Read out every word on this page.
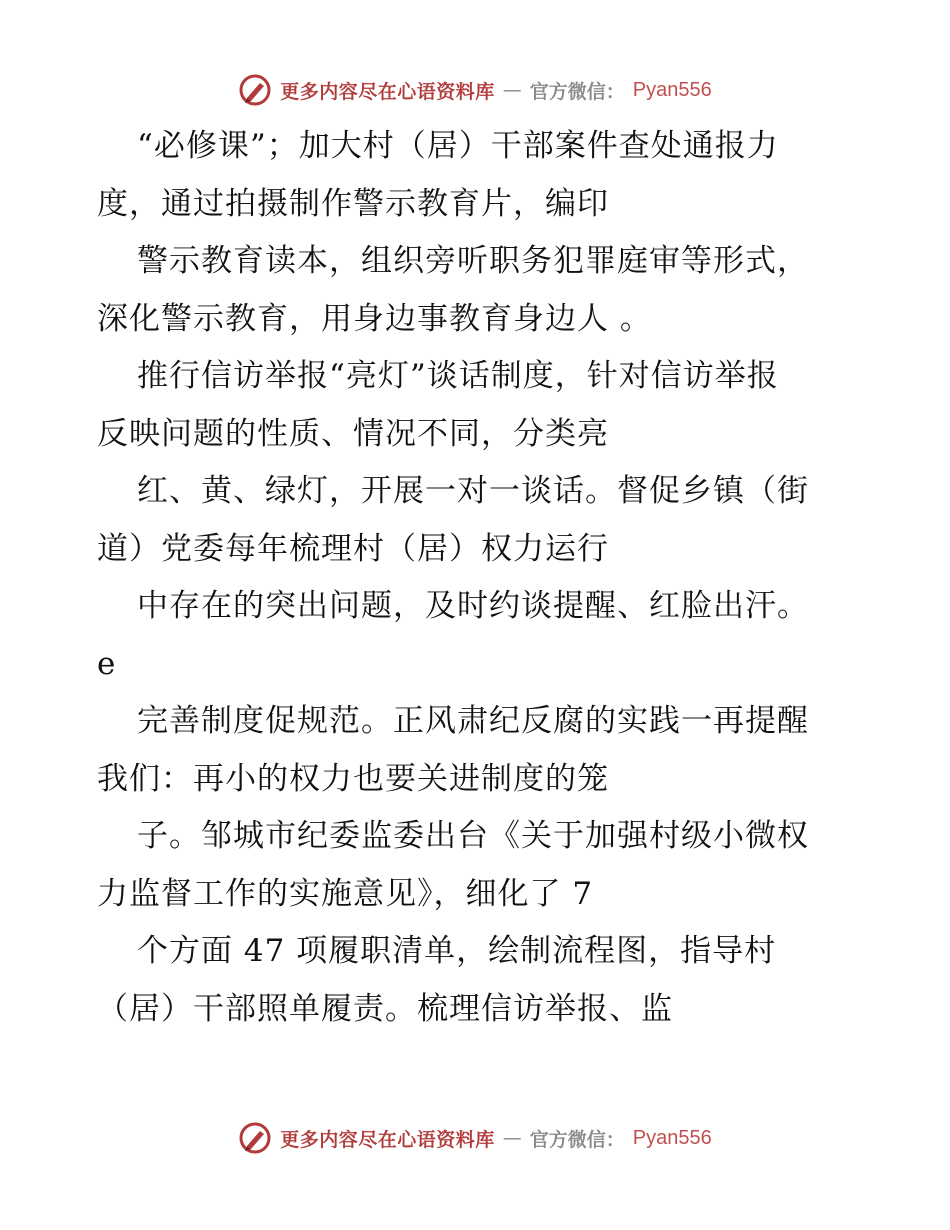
更多内容尽在心语资料库 — 官方微信： Pyan556
“必修课”；加大村（居）干部案件查处通报力
度，通过拍摄制作警示教育片，编印
警示教育读本，组织旁听职务犯罪庭审等形式，
深化警示教育，用身边事教育身边人 。
推行信访举报“亮灯”谈话制度，针对信访举报
反映问题的性质、情况不同，分类亮
红、黄、绿灯，开展一对一谈话。督促乡镇（街
道）党委每年梳理村（居）权力运行
中存在的突出问题，及时约谈提醒、红脸出汗。
e
完善制度促规范。正风肃纪反腐的实践一再提醒
我们：再小的权力也要关进制度的笼
子。邹城市纪委监委出台《关于加强村级小微权
力监督工作的实施意见》，细化了 7
个方面 47 项履职清单，绘制流程图，指导村
（居）干部照单履责。梳理信访举报、监
更多内容尽在心语资料库 — 官方微信： Pyan556
